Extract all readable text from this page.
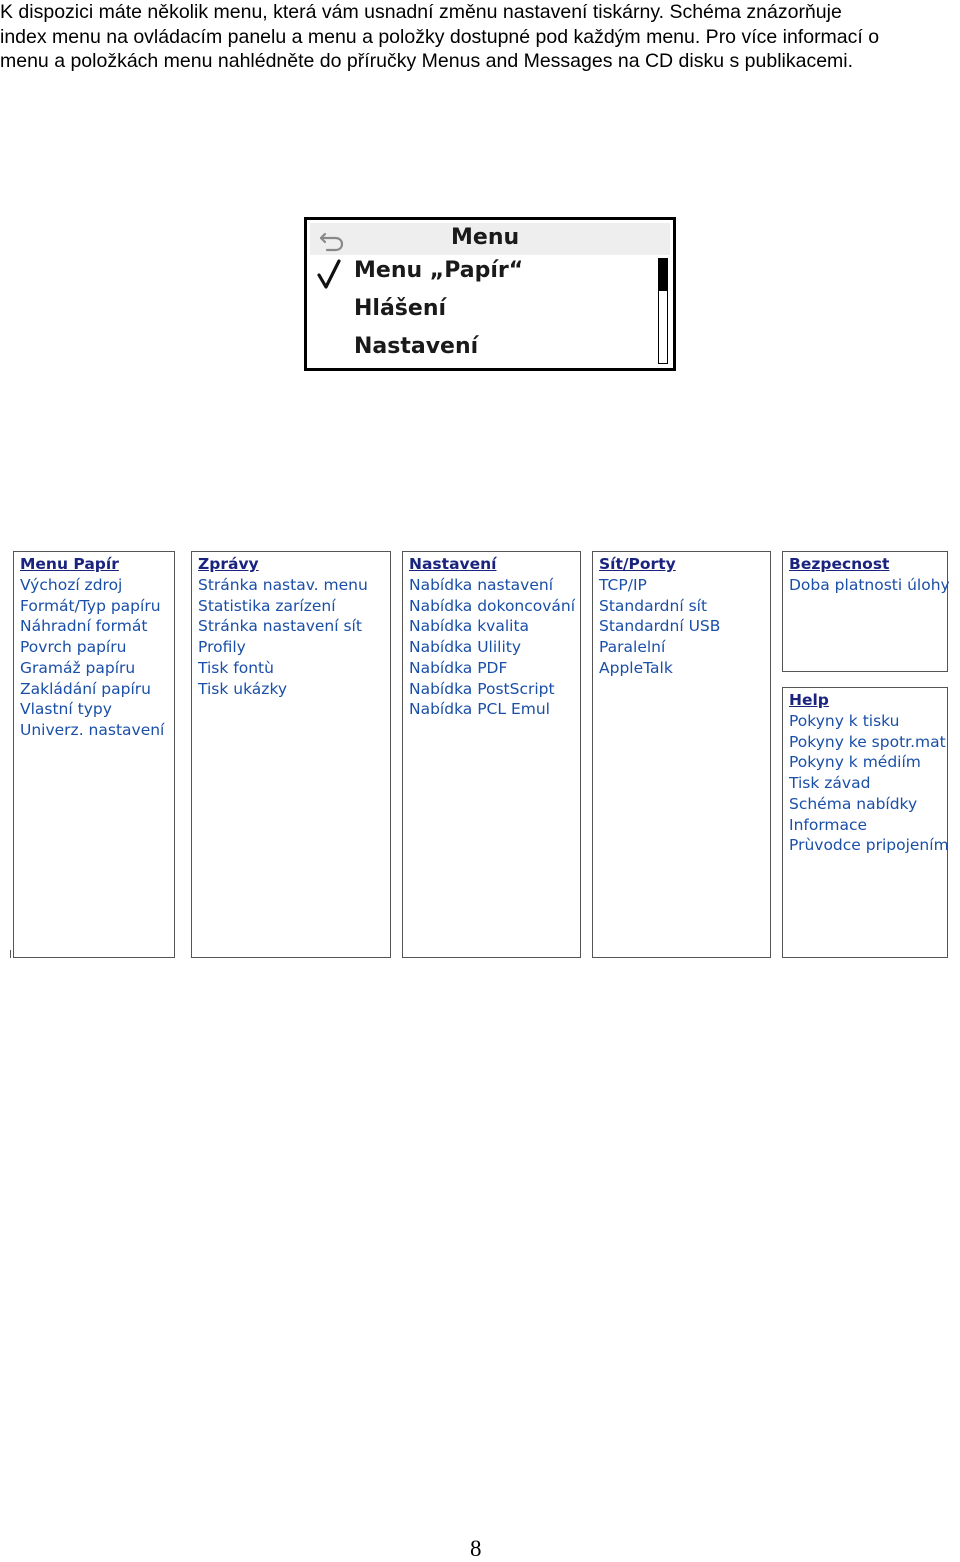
K dispozici máte několik menu, která vám usnadní změnu nastavení tiskárny. Schéma znázorňuje
index menu na ovládacím panelu a menu a položky dostupné pod každým menu. Pro více informací o
menu a položkách menu nahlédněte do příručky Menus and Messages na CD disku s publikacemi.
Menu
Menu „Papír“
Hlášení
Nastavení
Menu Papír
Výchozí zdroj
Formát/Typ papíru
Náhradní formát
Povrch papíru
Gramáž papíru
Zakládání papíru
Vlastní typy
Univerz. nastavení
Zprávy
Stránka nastav. menu
Statistika zarízení
Stránka nastavení sít
Profily
Tisk fontù
Tisk ukázky
Nastavení
Nabídka nastavení
Nabídka dokoncování
Nabídka kvalita
Nabídka Ulility
Nabídka PDF
Nabídka PostScript
Nabídka PCL Emul
Sít/Porty
TCP/IP
Standardní sít
Standardní USB
Paralelní
AppleTalk
Bezpecnost
Doba platnosti úlohy
Help
Pokyny k tisku
Pokyny ke spotr.mat
Pokyny k médiím
Tisk závad
Schéma nabídky
Informace
Prùvodce pripojením
8
